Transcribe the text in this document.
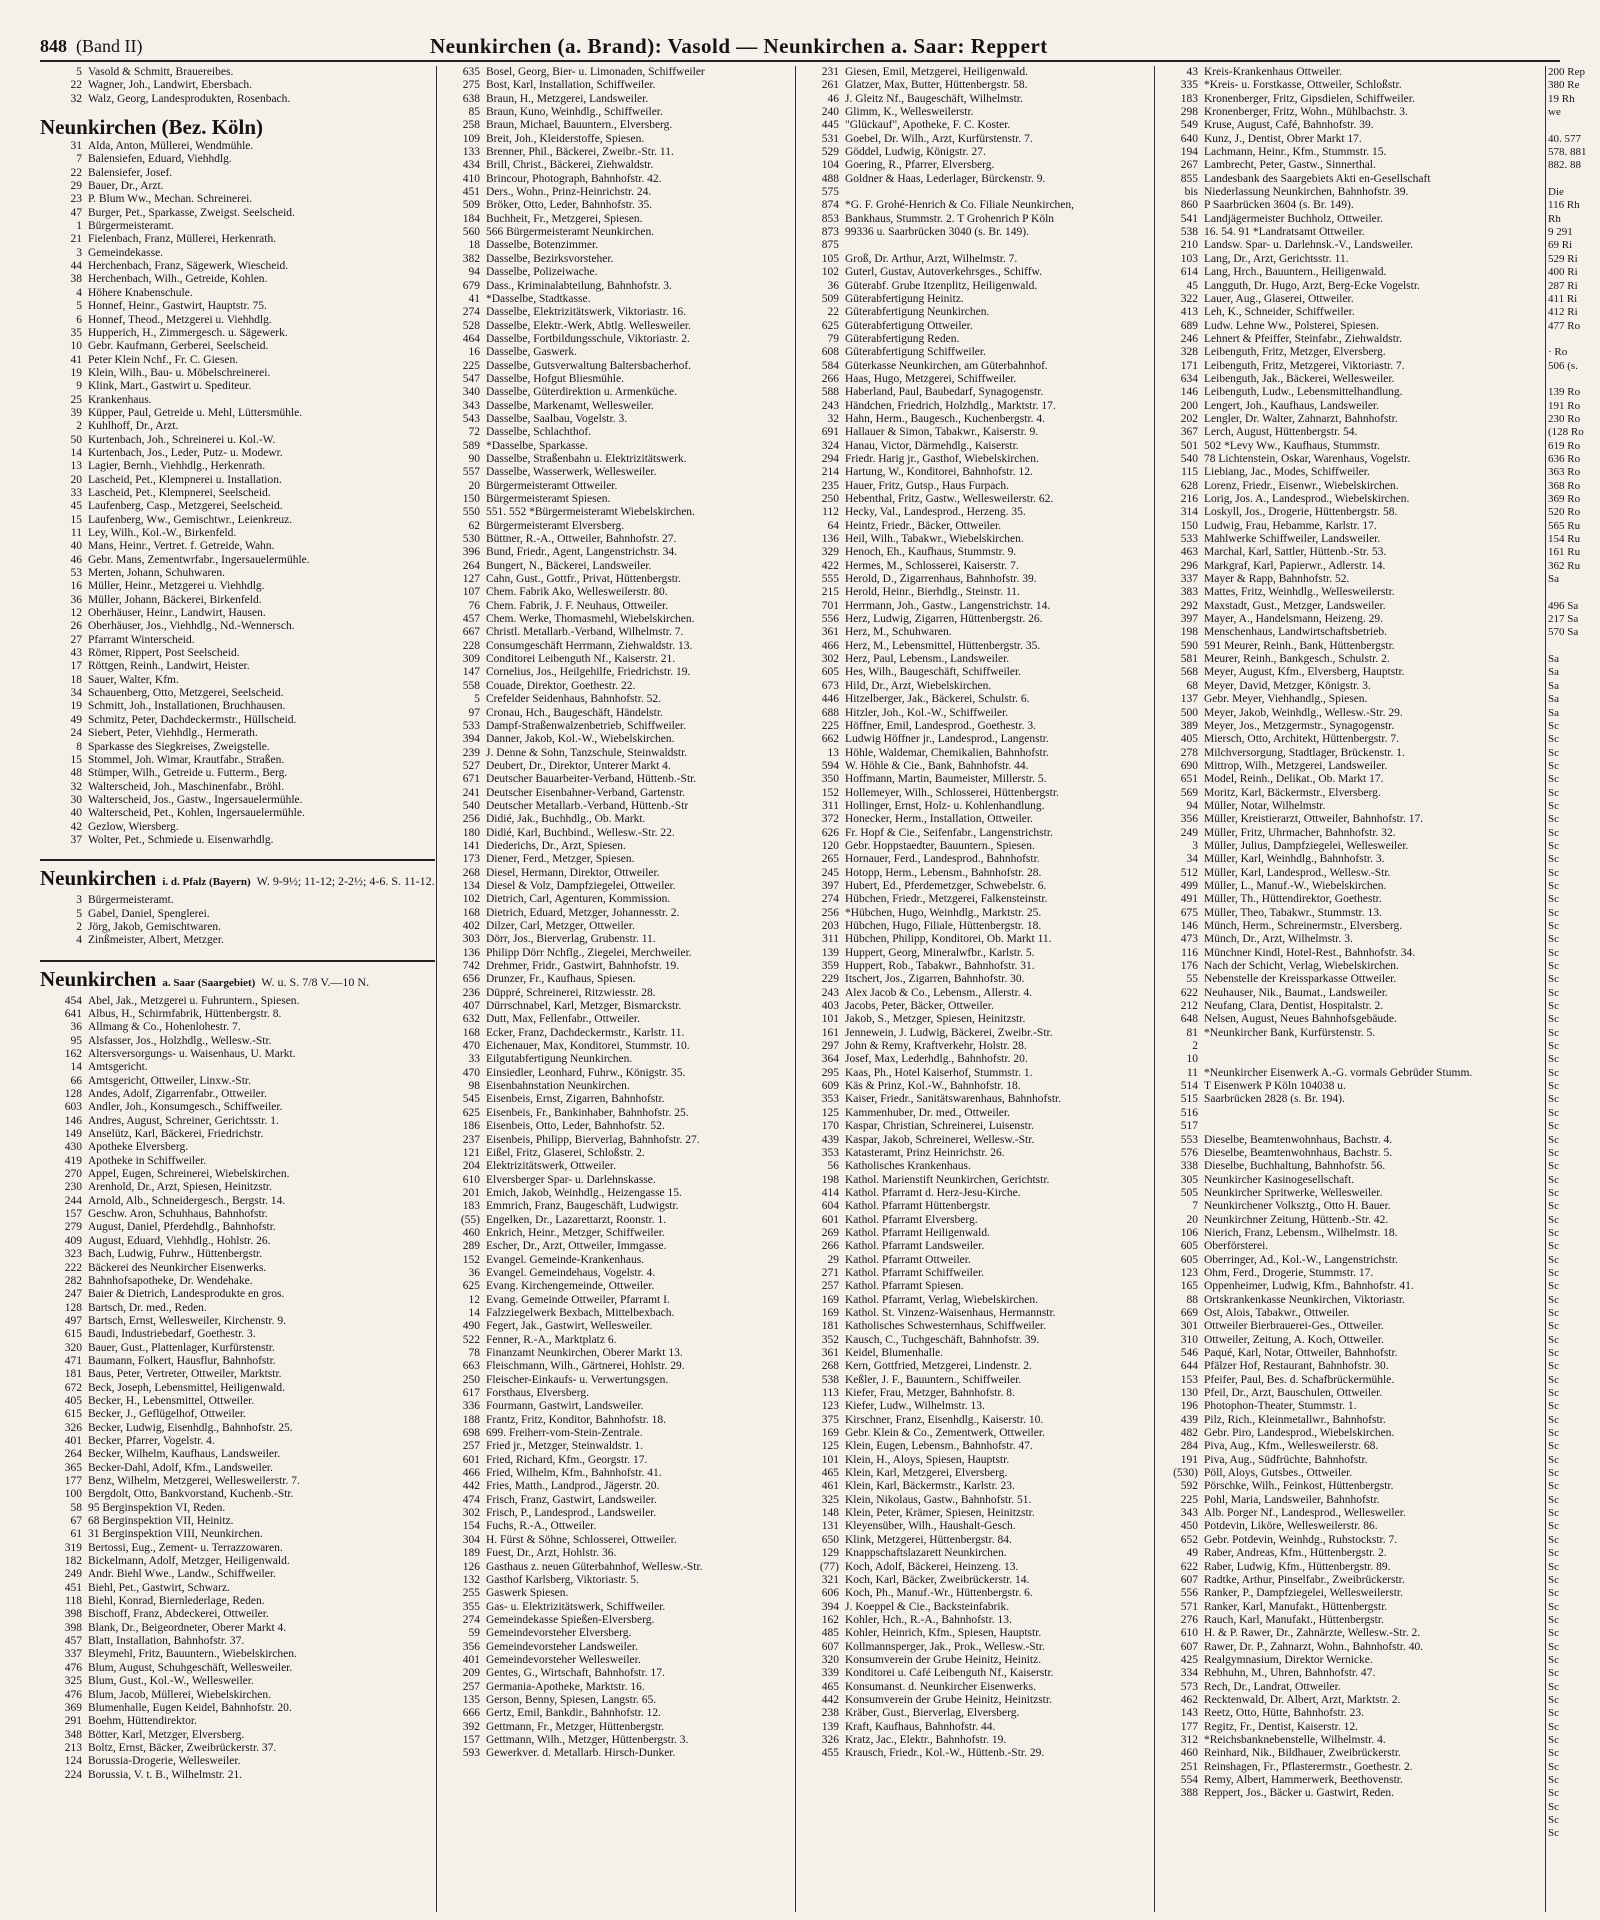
848 (Band II)	Neunkirchen (a. Brand): Vasold — Neunkirchen a. Saar: Reppert
5 Vasold & Schmitt, Brauereibes.
22 Wagner, Joh., Landwirt, Ebersbach.
32 Walz, Georg, Landesprodukten, Rosenbach.
Neunkirchen (Bez. Köln)
31 Alda, Anton, Müllerei, Wendmühle.
7 Balensiefen, Eduard, Viehhdlg.
22 Balensiefer, Josef.
29 Bauer, Dr., Arzt.
23 P. Blum Ww., Mechan. Schreinerei.
47 Burger, Pet., Sparkasse, Zweigst. Seelscheid.
1 Bürgermeisteramt.
21 Fielenbach, Franz, Müllerei, Herkenrath.
3 Gemeindekasse.
44 Herchenbach, Franz, Sägewerk, Wiescheid.
38 Herchenbach, Wilh., Getreide, Kohlen.
4 Höhere Knabenschule.
5 Honnef, Heinr., Gastwirt, Hauptstr. 75.
6 Honnef, Theod., Metzgerei u. Viehhdlg.
35 Hupperich, H., Zimmergesch. u. Sägewerk.
10 Gebr. Kaufmann, Gerberei, Seelscheid.
41 Peter Klein Nchf., Fr. C. Giesen.
19 Klein, Wilh., Bau- u. Möbelschreinerei.
9 Klink, Mart., Gastwirt u. Spediteur.
25 Krankenhaus.
39 Küpper, Paul, Getreide u. Mehl, Lüttersmühle.
2 Kuhlhoff, Dr., Arzt.
50 Kurtenbach, Joh., Schreinerei u. Kol.-W.
14 Kurtenbach, Jos., Leder, Putz- u. Modewr.
13 Lagier, Bernh., Viehhdlg., Herkenrath.
20 Lascheid, Pet., Klempnerei u. Installation.
33 Lascheid, Pet., Klempnerei, Seelscheid.
45 Laufenberg, Casp., Metzgerei, Seelscheid.
15 Laufenberg, Ww., Gemischtwr., Leienkreuz.
11 Ley, Wilh., Kol.-W., Birkenfeld.
40 Mans, Heinr., Vertret. f. Getreide, Wahn.
46 Gebr. Mans, Zementwrfabr., Ingersauelermühle.
53 Merten, Johann, Schuhwaren.
16 Müller, Heinr., Metzgerei u. Viehhdlg.
36 Müller, Johann, Bäckerei, Birkenfeld.
12 Oberhäuser, Heinr., Landwirt, Hausen.
26 Oberhäuser, Jos., Viehhdlg., Nd.-Wennersch.
27 Pfarramt Winterscheid.
43 Römer, Rippert, Post Seelscheid.
17 Röttgen, Reinh., Landwirt, Heister.
18 Sauer, Walter, Kfm.
34 Schauenberg, Otto, Metzgerei, Seelscheid.
19 Schmitt, Joh., Installationen, Bruchhausen.
49 Schmitz, Peter, Dachdeckermstr., Hüllscheid.
24 Siebert, Peter, Viehhdlg., Hermerath.
8 Sparkasse des Siegkreises, Zweigstelle.
15 Stommel, Joh. Wimar, Krautfabr., Straßen.
48 Stümper, Wilh., Getreide u. Futterm., Berg.
32 Walterscheid, Joh., Maschinenfabr., Bröhl.
30 Walterscheid, Jos., Gastw., Ingersauelermühle.
40 Walterscheid, Pet., Kohlen, Ingersauelermühle.
42 Gezlow, Wiersberg.
37 Wolter, Pet., Schmiede u. Eisenwarhdlg.
Neunkirchen i. d. Pfalz (Bayern) W. 9-9½; 11-12; 2-2½; 4-6. S. 11-12.
3 Bürgermeisteramt.
5 Gabel, Daniel, Spenglerei.
2 Jörg, Jakob, Gemischtwaren.
4 Zinßmeister, Albert, Metzger.
Neunkirchen a. Saar (Saargebiet) W. u. S. 7/8 V.—10 N.
454 Abel, Jak., Metzgerei u. Fuhruntern., Spiesen.
641 Albus, H., Schirmfabrik, Hüttenbergstr. 8.
36 Allmang & Co., Hohenlohestr. 7.
95 Alsfasser, Jos., Holzhdlg., Wellesw.-Str.
162 Altersversorgungs- u. Waisenhaus, U. Markt.
14 Amtsgericht.
66 Amtsgericht, Ottweiler, Linxw.-Str.
128 Andes, Adolf, Zigarrenfabr., Ottweiler.
603 Andler, Joh., Konsumgesch., Schiffweiler.
146 Andres, August, Schreiner, Gerichtsstr. 1.
149 Anselütz, Karl, Bäckerei, Friedrichstr.
430 Apotheke Elversberg.
419 Apotheke in Schiffweiler.
270 Appel, Eugen, Schreinerei, Wiebelskirchen.
230 Arenhold, Dr., Arzt, Spiesen, Heinitzstr.
244 Arnold, Alb., Schneidergesch., Bergstr. 14.
157 Geschw. Aron, Schuhhaus, Bahnhofstr.
279 August, Daniel, Pferdehdlg., Bahnhofstr.
409 August, Eduard, Viehhdlg., Hohlstr. 26.
323 Bach, Ludwig, Fuhrw., Hüttenbergstr.
222 Bäckerei des Neunkircher Eisenwerks.
282 Bahnhofsapotheke, Dr. Wendehake.
247 Baier & Dietrich, Landesprodukte en gros.
128 Bartsch, Dr. med., Reden.
497 Bartsch, Ernst, Wellesweiler, Kirchenstr. 9.
615 Baudi, Industriebedarf, Goethestr. 3.
320 Bauer, Gust., Plattenlager, Kurfürstenstr.
471 Baumann, Folkert, Hausflur, Bahnhofstr.
181 Baus, Peter, Vertreter, Ottweiler, Marktstr.
672 Beck, Joseph, Lebensmittel, Heiligenwald.
405 Becker, H., Lebensmittel, Ottweiler.
615 Becker, J., Geflügelhof, Ottweiler.
326 Becker, Ludwig, Eisenhdlg., Bahnhofstr. 25.
401 Becker, Pfarrer, Vogelstr. 4.
264 Becker, Wilhelm, Kaufhaus, Landsweiler.
365 Becker-Dahl, Adolf, Kfm., Landsweiler.
177 Benz, Wilhelm, Metzgerei, Wellesweilerstr. 7.
100 Bergdolt, Otto, Bankvorstand, Kuchenb.-Str.
58 95 Berginspektion VI, Reden.
67 68 Berginspektion VII, Heinitz.
61 31 Berginspektion VIII, Neunkirchen.
319 Bertossi, Eug., Zement- u. Terrazzowaren.
182 Bickelmann, Adolf, Metzger, Heiligenwald.
249 Andr. Biehl Wwe., Landw., Schiffweiler.
451 Biehl, Pet., Gastwirt, Schwarz.
118 Biehl, Konrad, Biernlederlage, Reden.
398 Bischoff, Franz, Abdeckerei, Ottweiler.
398 Blank, Dr., Beigeordneter, Oberer Markt 4.
457 Blatt, Installation, Bahnhofstr. 37.
337 Bleymehl, Fritz, Bauuntern., Wiebelskirchen.
476 Blum, August, Schuhgeschäft, Wellesweiler.
325 Blum, Gust., Kol.-W., Wellesweiler.
476 Blum, Jacob, Müllerei, Wiebelskirchen.
369 Blumenhalle, Eugen Keidel, Bahnhofstr. 20.
291 Boehm, Hüttendirektor.
348 Bötter, Karl, Metzger, Elversberg.
213 Boltz, Ernst, Bäcker, Zweibrückerstr. 37.
124 Borussia-Drogerie, Wellesweiler.
224 Borussia, V. t. B., Wilhelmstr. 21.
635 Bosel, Georg, Bier- u. Limonaden, Schiffweiler
275 Bost, Karl, Installation, Schiffweiler.
638 Braun, H., Metzgerei, Landsweiler.
85 Braun, Kuno, Weinhdlg., Schiffweiler.
258 Braun, Michael, Bauuntern., Elversberg.
109 Breit, Joh., Kleiderstoffe, Spiesen.
133 Brenner, Phil., Bäckerei, Zweibr.-Str. 11.
434 Brill, Christ., Bäckerei, Ziehwaldstr.
410 Brincour, Photograph, Bahnhofstr. 42.
451 Ders., Wohn., Prinz-Heinrichstr. 24.
509 Bröker, Otto, Leder, Bahnhofstr. 35.
184 Buchheit, Fr., Metzgerei, Spiesen.
560 566 Bürgermeisteramt Neunkirchen.
18 Dasselbe, Botenzimmer.
382 Dasselbe, Bezirksvorsteher.
94 Dasselbe, Polizeiwache.
679 Dass., Kriminalabteilung, Bahnhofstr. 3.
41 *Dasselbe, Stadtkasse.
274 Dasselbe, Elektrizitätswerk, Viktoriastr. 16.
528 Dasselbe, Elektr.-Werk, Abtlg. Wellesweiler.
464 Dasselbe, Fortbildungsschule, Viktoriastr. 2.
16 Dasselbe, Gaswerk.
225 Dasselbe, Gutsverwaltung Baltersbacherhof.
547 Dasselbe, Hofgut Bliesmühle.
340 Dasselbe, Güterdirektion u. Armenküche.
343 Dasselbe, Markenamt, Wellesweiler.
543 Dasselbe, Saalbau, Vogelstr. 3.
72 Dasselbe, Schlachthof.
589 *Dasselbe, Sparkasse.
90 Dasselbe, Straßenbahn u. Elektrizitätswerk.
557 Dasselbe, Wasserwerk, Wellesweiler.
20 Bürgermeisteramt Ottweiler.
150 Bürgermeisteramt Spiesen.
550 551. 552 *Bürgermeisteramt Wiebelskirchen.
62 Bürgermeisteramt Elversberg.
530 Büttner, R.-A., Ottweiler, Bahnhofstr. 27.
396 Bund, Friedr., Agent, Langenstrichstr. 34.
264 Bungert, N., Bäckerei, Landsweiler.
127 Cahn, Gust., Gottfr., Privat, Hüttenbergstr.
107 Chem. Fabrik Ako, Wellesweilerstr. 80.
76 Chem. Fabrik, J. F. Neuhaus, Ottweiler.
457 Chem. Werke, Thomasmehl, Wiebelskirchen.
667 Christl. Metallarb.-Verband, Wilhelmstr. 7.
228 Consumgeschäft Herrmann, Ziehwaldstr. 13.
309 Conditorei Leibenguth Nf., Kaiserstr. 21.
147 Cornelius, Jos., Heilgehilfe, Friedrichstr. 19.
558 Couade, Direktor, Goethestr. 22.
5 Crefelder Seidenhaus, Bahnhofstr. 52.
97 Cronau, Hch., Baugeschäft, Händelstr.
533 Dampf-Straßenwalzenbetrieb, Schiffweiler.
394 Danner, Jakob, Kol.-W., Wiebelskirchen.
239 J. Denne & Sohn, Tanzschule, Steinwaldstr.
527 Deubert, Dr., Direktor, Unterer Markt 4.
671 Deutscher Bauarbeiter-Verband, Hüttenb.-Str.
241 Deutscher Eisenbahner-Verband, Gartenstr.
540 Deutscher Metallarb.-Verband, Hüttenb.-Str
256 Didié, Jak., Buchhdlg., Ob. Markt.
180 Didié, Karl, Buchbind., Wellesw.-Str. 22.
141 Diederichs, Dr., Arzt, Spiesen.
173 Diener, Ferd., Metzger, Spiesen.
268 Diesel, Hermann, Direktor, Ottweiler.
134 Diesel & Volz, Dampfziegelei, Ottweiler.
102 Dietrich, Carl, Agenturen, Kommission.
168 Dietrich, Eduard, Metzger, Johannesstr. 2.
402 Dilzer, Carl, Metzger, Ottweiler.
303 Dörr, Jos., Bierverlag, Grubenstr. 11.
136 Philipp Dörr Nchflg., Ziegelei, Merchweiler.
742 Drehmer, Fridr., Gastwirt, Bahnhofstr. 19.
656 Drunzer, Fr., Kaufhaus, Spiesen.
236 Düppré, Schreinerei, Ritzwiesstr. 28.
407 Dürrschnabel, Karl, Metzger, Bismarckstr.
632 Dutt, Max, Fellenfabr., Ottweiler.
168 Ecker, Franz, Dachdeckermstr., Karlstr. 11.
470 Eichenauer, Max, Konditorei, Stummstr. 10.
33 Eilgutabfertigung Neunkirchen.
470 Einsiedler, Leonhard, Fuhrw., Königstr. 35.
98 Eisenbahnstation Neunkirchen.
545 Eisenbeis, Ernst, Zigarren, Bahnhofstr.
625 Eisenbeis, Fr., Bankinhaber, Bahnhofstr. 25.
186 Eisenbeis, Otto, Leder, Bahnhofstr. 52.
237 Eisenbeis, Philipp, Bierverlag, Bahnhofstr. 27.
121 Eißel, Fritz, Glaserei, Schloßstr. 2.
204 Elektrizitätswerk, Ottweiler.
610 Elversberger Spar- u. Darlehnskasse.
201 Emich, Jakob, Weinhdlg., Heizengasse 15.
183 Emmrich, Franz, Baugeschäft, Ludwigstr.
(55) Engelken, Dr., Lazarettarzt, Roonstr. 1.
460 Enkrich, Heinr., Metzger, Schiffweiler.
289 Escher, Dr., Arzt, Ottweiler, Immgasse.
152 Evangel. Gemeinde-Krankenhaus.
36 Evangel. Gemeindehaus, Vogelstr. 4.
625 Evang. Kirchengemeinde, Ottweiler.
12 Evang. Gemeinde Ottweiler, Pfarramt I.
14 Falzziegelwerk Bexbach, Mittelbexbach.
490 Fegert, Jak., Gastwirt, Wellesweiler.
522 Fenner, R.-A., Marktplatz 6.
78 Finanzamt Neunkirchen, Oberer Markt 13.
663 Fleischmann, Wilh., Gärtnerei, Hohlstr. 29.
250 Fleischer-Einkaufs- u. Verwertungsgen.
617 Forsthaus, Elversberg.
336 Fourmann, Gastwirt, Landsweiler.
188 Frantz, Fritz, Konditor, Bahnhofstr. 18.
698 699. Freiherr-vom-Stein-Zentrale.
257 Fried jr., Metzger, Steinwaldstr. 1.
601 Fried, Richard, Kfm., Georgstr. 17.
466 Fried, Wilhelm, Kfm., Bahnhofstr. 41.
442 Fries, Matth., Landprod., Jägerstr. 20.
474 Frisch, Franz, Gastwirt, Landsweiler.
302 Frisch, P., Landesprod., Landsweiler.
154 Fuchs, R.-A., Ottweiler.
304 H. Fürst & Söhne, Schlosserei, Ottweiler.
189 Fuest, Dr., Arzt, Hohlstr. 36.
126 Gasthaus z. neuen Güterbahnhof, Wellesw.-Str.
132 Gasthof Karlsberg, Viktoriastr. 5.
255 Gaswerk Spiesen.
355 Gas- u. Elektrizitätswerk, Schiffweiler.
274 Gemeindekasse Spießen-Elversberg.
59 Gemeindevorsteher Elversberg.
356 Gemeindevorsteher Landsweiler.
401 Gemeindevorsteher Wellesweiler.
209 Gentes, G., Wirtschaft, Bahnhofstr. 17.
257 Germania-Apotheke, Marktstr. 16.
135 Gerson, Benny, Spiesen, Langstr. 65.
666 Gertz, Emil, Bankdir., Bahnhofstr. 12.
392 Gettmann, Fr., Metzger, Hüttenbergstr.
157 Gettmann, Wilh., Metzger, Hüttenbergstr. 3.
593 Gewerkver. d. Metallarb. Hirsch-Dunker.
231 Giesen, Emil, Metzgerei, Heiligenwald.
261 Glatzer, Max, Butter, Hüttenbergstr. 58.
46 J. Gleitz Nf., Baugeschäft, Wilhelmstr.
240 Glimm, K., Wellesweilerstr.
445 "Glückauf", Apotheke, F. C. Koster.
531 Goebel, Dr. Wilh., Arzt, Kurfürstenstr. 7.
529 Göddel, Ludwig, Königstr. 27.
104 Goering, R., Pfarrer, Elversberg.
488 Goldner & Haas, Lederlager, Bürckenstr. 9.
575
874 *G. F. Grohé-Henrich & Co. Filiale Neunkirchen,
853 Bankhaus, Stummstr. 2. T Grohenrich P Köln
873 99336 u. Saarbrücken 3040 (s. Br. 149).
875
105 Groß, Dr. Arthur, Arzt, Wilhelmstr. 7.
102 Guterl, Gustav, Autoverkehrsges., Schiffw.
36 Güterabf. Grube Itzenplitz, Heiligenwald.
509 Güterabfertigung Heinitz.
22 Güterabfertigung Neunkirchen.
625 Güterabfertigung Ottweiler.
79 Güterabfertigung Reden.
608 Güterabfertigung Schiffweiler.
584 Güterkasse Neunkirchen, am Güterbahnhof.
266 Haas, Hugo, Metzgerei, Schiffweiler.
588 Haberland, Paul, Baubedarf, Synagogenstr.
243 Händchen, Friedrich, Holzhdlg., Marktstr. 17.
32 Hahn, Herm., Baugesch., Kuchenbergstr. 4.
691 Hallauer & Simon, Tabakwr., Kaiserstr. 9.
324 Hanau, Victor, Därmehdlg., Kaiserstr.
294 Friedr. Harig jr., Gasthof, Wiebelskirchen.
214 Hartung, W., Konditorei, Bahnhofstr. 12.
235 Hauer, Fritz, Gutsp., Haus Furpach.
250 Hebenthal, Fritz, Gastw., Wellesweilerstr. 62.
112 Hecky, Val., Landesprod., Herzeng. 35.
64 Heintz, Friedr., Bäcker, Ottweiler.
136 Heil, Wilh., Tabakwr., Wiebelskirchen.
329 Henoch, Eh., Kaufhaus, Stummstr. 9.
422 Hermes, M., Schlosserei, Kaiserstr. 7.
555 Herold, D., Zigarrenhaus, Bahnhofstr. 39.
215 Herold, Heinr., Bierhdlg., Steinstr. 11.
701 Herrmann, Joh., Gastw., Langenstrichstr. 14.
556 Herz, Ludwig, Zigarren, Hüttenbergstr. 26.
361 Herz, M., Schuhwaren.
466 Herz, M., Lebensmittel, Hüttenbergstr. 35.
302 Herz, Paul, Lebensm., Landsweiler.
605 Hes, Wilh., Baugeschäft, Schiffweiler.
673 Hild, Dr., Arzt, Wiebelskirchen.
446 Hitzelberger, Jak., Bäckerei, Schulstr. 6.
688 Hitzler, Joh., Kol.-W., Schiffweiler.
225 Höffner, Emil, Landesprod., Goethestr. 3.
662 Ludwig Höffner jr., Landesprod., Langenstr.
13 Höhle, Waldemar, Chemikalien, Bahnhofstr.
594 W. Höhle & Cie., Bank, Bahnhofstr. 44.
350 Hoffmann, Martin, Baumeister, Millerstr. 5.
152 Hollemeyer, Wilh., Schlosserei, Hüttenbergstr.
311 Hollinger, Ernst, Holz- u. Kohlenhandlung.
372 Honecker, Herm., Installation, Ottweiler.
626 Fr. Hopf & Cie., Seifenfabr., Langenstrichstr.
120 Gebr. Hoppstaedter, Bauuntern., Spiesen.
265 Hornauer, Ferd., Landesprod., Bahnhofstr.
245 Hotopp, Herm., Lebensm., Bahnhofstr. 28.
397 Hubert, Ed., Pferdemetzger, Schwebelstr. 6.
274 Hübchen, Friedr., Metzgerei, Falkensteinstr.
256 *Hübchen, Hugo, Weinhdlg., Marktstr. 25.
203 Hübchen, Hugo, Filiale, Hüttenbergstr. 18.
311 Hübchen, Philipp, Konditorei, Ob. Markt 11.
139 Huppert, Georg, Mineralwfbr., Karlstr. 5.
359 Huppert, Rob., Tabakwr., Bahnhofstr. 31.
229 Itschert, Jos., Zigarren, Bahnhofstr. 30.
243 Alex Jacob & Co., Lebensm., Allerstr. 4.
403 Jacobs, Peter, Bäcker, Ottweiler.
101 Jakob, S., Metzger, Spiesen, Heinitzstr.
161 Jennewein, J. Ludwig, Bäckerei, Zweibr.-Str.
297 John & Remy, Kraftverkehr, Holstr. 28.
364 Josef, Max, Lederhdlg., Bahnhofstr. 20.
295 Kaas, Ph., Hotel Kaiserhof, Stummstr. 1.
609 Käs & Prinz, Kol.-W., Bahnhofstr. 18.
353 Kaiser, Friedr., Sanitätswarenhaus, Bahnhofstr.
125 Kammenhuber, Dr. med., Ottweiler.
170 Kaspar, Christian, Schreinerei, Luisenstr.
439 Kaspar, Jakob, Schreinerei, Wellesw.-Str.
353 Katasteramt, Prinz Heinrichstr. 26.
56 Katholisches Krankenhaus.
198 Kathol. Marienstift Neunkirchen, Gerichtstr.
414 Kathol. Pfarramt d. Herz-Jesu-Kirche.
604 Kathol. Pfarramt Hüttenbergstr.
601 Kathol. Pfarramt Elversberg.
269 Kathol. Pfarramt Heiligenwald.
266 Kathol. Pfarramt Landsweiler.
29 Kathol. Pfarramt Ottweiler.
271 Kathol. Pfarramt Schiffweiler.
257 Kathol. Pfarramt Spiesen.
169 Kathol. Pfarramt, Verlag, Wiebelskirchen.
169 Kathol. St. Vinzenz-Waisenhaus, Hermannstr.
181 Katholisches Schwesternhaus, Schiffweiler.
352 Kausch, C., Tuchgeschäft, Bahnhofstr. 39.
361 Keidel, Blumenhalle.
268 Kern, Gottfried, Metzgerei, Lindenstr. 2.
538 Keßler, J. F., Bauuntern., Schiffweiler.
113 Kiefer, Frau, Metzger, Bahnhofstr. 8.
123 Kiefer, Ludw., Wilhelmstr. 13.
375 Kirschner, Franz, Eisenhdlg., Kaiserstr. 10.
169 Gebr. Klein & Co., Zementwerk, Ottweiler.
125 Klein, Eugen, Lebensm., Bahnhofstr. 47.
101 Klein, H., Aloys, Spiesen, Hauptstr.
465 Klein, Karl, Metzgerei, Elversberg.
461 Klein, Karl, Bäckermstr., Karlstr. 23.
325 Klein, Nikolaus, Gastw., Bahnhofstr. 51.
148 Klein, Peter, Krämer, Spiesen, Heinitzstr.
131 Kleyensüber, Wilh., Haushalt-Gesch.
650 Klink, Metzgerei, Hüttenbergstr. 84.
129 Knappschaftslazarett Neunkirchen.
(77) Koch, Adolf, Bäckerei, Heinzeng. 13.
321 Koch, Karl, Bäcker, Zweibrückerstr. 14.
606 Koch, Ph., Manuf.-Wr., Hüttenbergstr. 6.
394 J. Koeppel & Cie., Backsteinfabrik.
162 Kohler, Hch., R.-A., Bahnhofstr. 13.
485 Kohler, Heinrich, Kfm., Spiesen, Hauptstr.
607 Kollmannsperger, Jak., Prok., Wellesw.-Str.
320 Konsumverein der Grube Heinitz, Heinitz.
339 Konditorei u. Café Leibenguth Nf., Kaiserstr.
465 Konsumanst. d. Neunkircher Eisenwerks.
442 Konsumverein der Grube Heinitz, Heinitzstr.
238 Kräber, Gust., Bierverlag, Elversberg.
139 Kraft, Kaufhaus, Bahnhofstr. 44.
326 Kratz, Jac., Elektr., Bahnhofstr. 19.
455 Krausch, Friedr., Kol.-W., Hüttenb.-Str. 29.
43 Kreis-Krankenhaus Ottweiler.
335 *Kreis- u. Forstkasse, Ottweiler, Schloßstr.
183 Kronenberger, Fritz, Gipsdielen, Schiffweiler.
298 Kronenberger, Fritz, Wohn., Mühlbachstr. 3.
549 Kruse, August, Café, Bahnhofstr. 39.
640 Kunz, J., Dentist, Obrer Markt 17.
194 Lachmann, Heinr., Kfm., Stummstr. 15.
267 Lambrecht, Peter, Gastw., Sinnerthal.
855 Landesbank des Saargebiets Akti en-Gesellschaft
bis Niederlassung Neunkirchen, Bahnhofstr. 39.
860 P Saarbrücken 3604 (s. Br. 149).
541 Landjägermeister Buchholz, Ottweiler.
538 16. 54. 91 *Landratsamt Ottweiler.
210 Landsw. Spar- u. Darlehnsk.-V., Landsweiler.
103 Lang, Dr., Arzt, Gerichtsstr. 11.
614 Lang, Hrch., Bauuntern., Heiligenwald.
45 Langguth, Dr. Hugo, Arzt, Berg-Ecke Vogelstr.
322 Lauer, Aug., Glaserei, Ottweiler.
413 Leh, K., Schneider, Schiffweiler.
689 Ludw. Lehne Ww., Polsterei, Spiesen.
246 Lehnert & Pfeiffer, Steinfabr., Ziehwaldstr.
328 Leibenguth, Fritz, Metzger, Elversberg.
171 Leibenguth, Fritz, Metzgerei, Viktoriastr. 7.
634 Leibenguth, Jak., Bäckerei, Wellesweiler.
146 Leibenguth, Ludw., Lebensmittelhandlung.
200 Lengert, Joh., Kaufhaus, Landsweiler.
202 Lengler, Dr. Walter, Zahnarzt, Bahnhofstr.
367 Lerch, August, Hüttenbergstr. 54.
501 502 *Levy Ww., Kaufhaus, Stummstr.
540 78 Lichtenstein, Oskar, Warenhaus, Vogelstr.
115 Liebiang, Jac., Modes, Schiffweiler.
628 Lorenz, Friedr., Eisenwr., Wiebelskirchen.
216 Lorig, Jos. A., Landesprod., Wiebelskirchen.
314 Loskyll, Jos., Drogerie, Hüttenbergstr. 58.
150 Ludwig, Frau, Hebamme, Karlstr. 17.
533 Mahlwerke Schiffweiler, Landsweiler.
463 Marchal, Karl, Sattler, Hüttenb.-Str. 53.
296 Markgraf, Karl, Papierwr., Adlerstr. 14.
337 Mayer & Rapp, Bahnhofstr. 52.
383 Mattes, Fritz, Weinhdlg., Wellesweilerstr.
292 Maxstadt, Gust., Metzger, Landsweiler.
397 Mayer, A., Handelsmann, Heizeng. 29.
198 Menschenhaus, Landwirtschaftsbetrieb.
590 591 Meurer, Reinh., Bank, Hüttenbergstr.
581 Meurer, Reinh., Bankgesch., Schulstr. 2.
568 Meyer, August, Kfm., Elversberg, Hauptstr.
68 Meyer, David, Metzger, Königstr. 3.
137 Gebr. Meyer, Viehhandlg., Spiesen.
500 Meyer, Jakob, Weinhdlg., Wellesw.-Str. 29.
389 Meyer, Jos., Metzgermstr., Synagogenstr.
405 Miersch, Otto, Architekt, Hüttenbergstr. 7.
278 Milchversorgung, Stadtlager, Brückenstr. 1.
690 Mittrop, Wilh., Metzgerei, Landsweiler.
651 Model, Reinh., Delikat., Ob. Markt 17.
569 Moritz, Karl, Bäckermstr., Elversberg.
94 Müller, Notar, Wilhelmstr.
356 Müller, Kreistierarzt, Ottweiler, Bahnhofstr. 17.
249 Müller, Fritz, Uhrmacher, Bahnhofstr. 32.
3 Müller, Julius, Dampfziegelei, Wellesweiler.
34 Müller, Karl, Weinhdlg., Bahnhofstr. 3.
512 Müller, Karl, Landesprod., Wellesw.-Str.
499 Müller, L., Manuf.-W., Wiebelskirchen.
491 Müller, Th., Hüttendirektor, Goethestr.
675 Müller, Theo, Tabakwr., Stummstr. 13.
146 Münch, Herm., Schreinermstr., Elversberg.
473 Münch, Dr., Arzt, Wilhelmstr. 3.
116 Münchner Kindl, Hotel-Rest., Bahnhofstr. 34.
176 Nach der Schicht, Verlag, Wiebelskirchen.
55 Nebenstelle der Kreissparkasse Ottweiler.
622 Neuhauser, Nik., Baumat., Landsweiler.
212 Neufang, Clara, Dentist, Hospitalstr. 2.
648 Nelsen, August, Neues Bahnhofsgebäude.
81 *Neunkircher Bank, Kurfürstenstr. 5.
2
10
11 *Neunkircher Eisenwerk A.-G. vormals Gebrüder Stumm.
514 T Eisenwerk P Köln 104038 u.
515 Saarbrücken 2828 (s. Br. 194).
516
517
553 Dieselbe, Beamtenwohnhaus, Bachstr. 4.
576 Dieselbe, Beamtenwohnhaus, Bachstr. 5.
338 Dieselbe, Buchhaltung, Bahnhofstr. 56.
305 Neunkircher Kasinogesellschaft.
505 Neunkircher Spritwerke, Wellesweiler.
7 Neunkirchener Volksztg., Otto H. Bauer.
20 Neunkirchner Zeitung, Hüttenb.-Str. 42.
106 Nierich, Franz, Lebensm., Wilhelmstr. 18.
605 Oberförsterei.
605 Oberringer, Ad., Kol.-W., Langenstrichstr.
123 Ohm, Ferd., Drogerie, Stummstr. 17.
165 Oppenheimer, Ludwig, Kfm., Bahnhofstr. 41.
88 Ortskrankenkasse Neunkirchen, Viktoriastr.
669 Ost, Alois, Tabakwr., Ottweiler.
301 Ottweiler Bierbrauerei-Ges., Ottweiler.
310 Ottweiler, Zeitung, A. Koch, Ottweiler.
546 Paqué, Karl, Notar, Ottweiler, Bahnhofstr.
644 Pfälzer Hof, Restaurant, Bahnhofstr. 30.
153 Pfeifer, Paul, Bes. d. Schafbrückermühle.
130 Pfeil, Dr., Arzt, Bauschulen, Ottweiler.
196 Photophon-Theater, Stummstr. 1.
439 Pilz, Rich., Kleinmetallwr., Bahnhofstr.
482 Gebr. Piro, Landesprod., Wiebelskirchen.
284 Piva, Aug., Kfm., Wellesweilerstr. 68.
191 Piva, Aug., Südfrüchte, Bahnhofstr.
(530) Pöll, Aloys, Gutsbes., Ottweiler.
592 Pörschke, Wilh., Feinkost, Hüttenbergstr.
225 Pohl, Maria, Landsweiler, Bahnhofstr.
343 Alb. Porger Nf., Landesprod., Wellesweiler.
450 Potdevin, Liköre, Wellesweilerstr. 86.
652 Gebr. Potdevin, Weinhdg., Ruhstockstr. 7.
49 Raber, Andreas, Kfm., Hüttenbergstr. 2.
622 Raber, Ludwig, Kfm., Hüttenbergstr. 89.
607 Radtke, Arthur, Pinselfabr., Zweibrückerstr.
556 Ranker, P., Dampfziegelei, Wellesweilerstr.
571 Ranker, Karl, Manufakt., Hüttenbergstr.
276 Rauch, Karl, Manufakt., Hüttenbergstr.
610 H. & P. Rawer, Dr., Zahnärzte, Wellesw.-Str. 2.
607 Rawer, Dr. P., Zahnarzt, Wohn., Bahnhofstr. 40.
425 Realgymnasium, Direktor Wernicke.
334 Rebhuhn, M., Uhren, Bahnhofstr. 47.
573 Rech, Dr., Landrat, Ottweiler.
462 Recktenwald, Dr. Albert, Arzt, Marktstr. 2.
143 Reetz, Otto, Hütte, Bahnhofstr. 23.
177 Regitz, Fr., Dentist, Kaiserstr. 12.
312 *Reichsbanknebenstelle, Wilhelmstr. 4.
460 Reinhard, Nik., Bildhauer, Zweibrückerstr.
251 Reinshagen, Fr., Pflasterermstr., Goethestr. 2.
554 Remy, Albert, Hammerwerk, Beethovenstr.
388 Reppert, Jos., Bäcker u. Gastwirt, Reden.
200 Rep
380 Re
19 Rh
we

40. 577
578. 881
882. 88

Die
116 Rh
Rh
9 291
69 Ri
529 Ri
400 Ri
287 Ri
411 Ri
412 Ri
477 Ro

· Ro
506 (s.

139 Ro
191 Ro
230 Ro
(128 Ro
619 Ro
636 Ro
363 Ro
368 Ro
369 Ro
520 Ro
565 Ru
154 Ru
161 Ru
362 Ru
Sa

496 Sa
217 Sa
570 Sa

Sa
Sa
Sa
Sa
Sa
Sc
Sc
Sc
Sc
Sc
Sc
Sc
Sc
Sc
Sc
Sc
Sc
Sc
Sc
Sc
Sc
Sc
Sc
Sc
Sc
Sc
Sc
Sc
Sc
Sc
Sc
Sc
Sc
Sc
Sc
Sc
Sc
Sc
Sc
Sc
Sc
Sc
Sc
Sc
Sc
Sc
Sc
Sc
Sc
Sc
Sc
Sc
Sc
Sc
Sc
Sc
Sc
Sc
Sc
Sc
Sc
Sc
Sc
Sc
Sc
Sc
Sc
Sc
Sc
Sc
Sc
Sc
Sc
Sc
Sc
Sc
Sc
Sc
Sc
Sc
Sc
Sc
Sc
Sc
Sc
Sc
Sc
Sc
Sc
